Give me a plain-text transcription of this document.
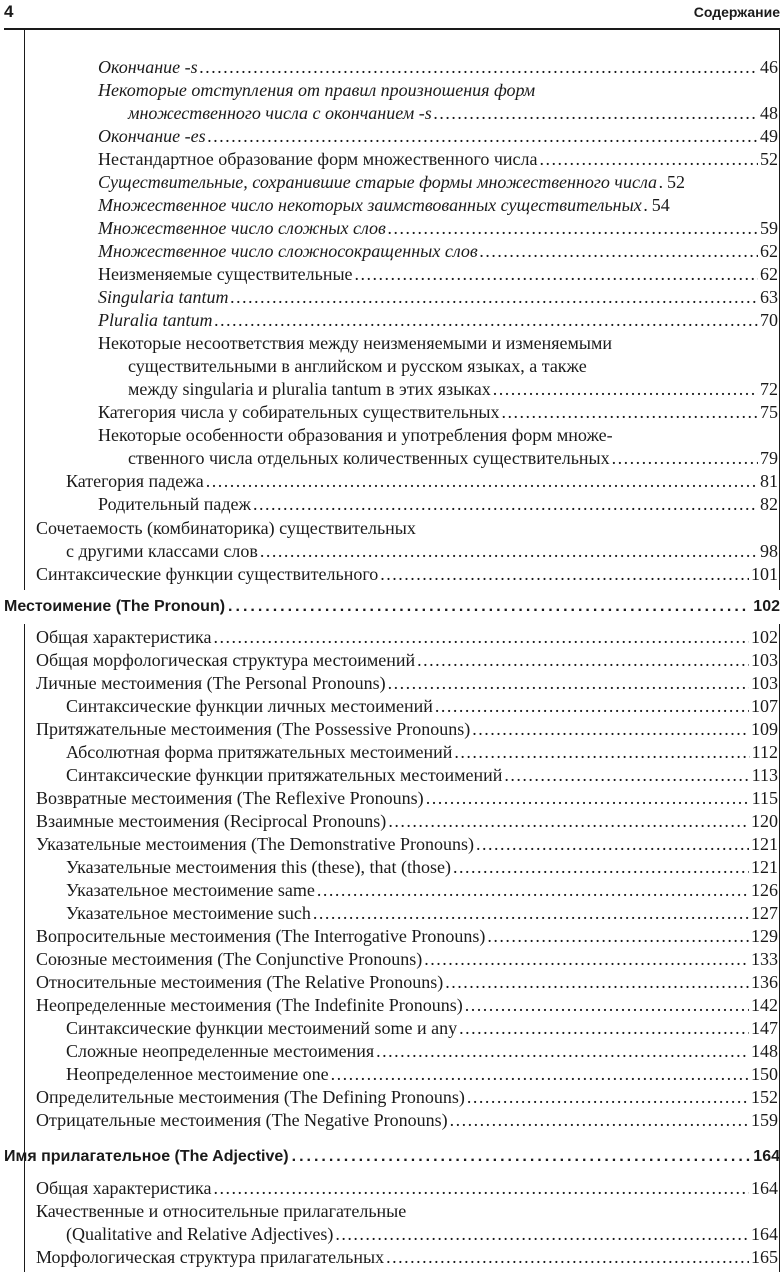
4	Содержание
Окончание -s .....	46
Некоторые отступления от правил произношения форм
множественного числа с окончанием -s .....	48
Окончание -es .....	49
Нестандартное образование форм множественного числа .....	52
Существительные, сохранившие старые формы множественного числа ..... 52
Множественное число некоторых заимствованных существительных ..... 54
Множественное число сложных слов .....	59
Множественное число сложносокращенных слов .....	62
Неизменяемые существительные .....	62
Singularia tantum .....	63
Pluralia tantum .....	70
Некоторые несоответствия между неизменяемыми и изменяемыми
существительными в английском и русском языках, а также
между singularia и pluralia tantum в этих языках .....	72
Категория числа у собирательных существительных .....	75
Некоторые особенности образования и употребления форм множе-
ственного числа отдельных количественных существительных .....	79
Категория падежа .....	81
Родительный падеж .....	82
Сочетаемость (комбинаторика) существительных
с другими классами слов .....	98
Синтаксические функции существительного .....	101
Местоимение (The Pronoun) .....	102
Общая характеристика .....	102
Общая морфологическая структура местоимений .....	103
Личные местоимения (The Personal Pronouns) .....	103
Синтаксические функции личных местоимений .....	107
Притяжательные местоимения (The Possessive Pronouns) .....	109
Абсолютная форма притяжательных местоимений .....	112
Синтаксические функции притяжательных местоимений .....	113
Возвратные местоимения (The Reflexive Pronouns) .....	115
Взаимные местоимения (Reciprocal Pronouns) .....	120
Указательные местоимения (The Demonstrative Pronouns) .....	121
Указательные местоимения this (these), that (those) .....	121
Указательное местоимение same .....	126
Указательное местоимение such .....	127
Вопросительные местоимения (The Interrogative Pronouns) .....	129
Союзные местоимения (The Conjunctive Pronouns) .....	133
Относительные местоимения (The Relative Pronouns) .....	136
Неопределенные местоимения (The Indefinite Pronouns) .....	142
Синтаксические функции местоимений some и any .....	147
Сложные неопределенные местоимения .....	148
Неопределенное местоимение one .....	150
Определительные местоимения (The Defining Pronouns) .....	152
Отрицательные местоимения (The Negative Pronouns) .....	159
Имя прилагательное (The Adjective) .....	164
Общая характеристика .....	164
Качественные и относительные прилагательные
(Qualitative and Relative Adjectives) .....	164
Морфологическая структура прилагательных .....	165
